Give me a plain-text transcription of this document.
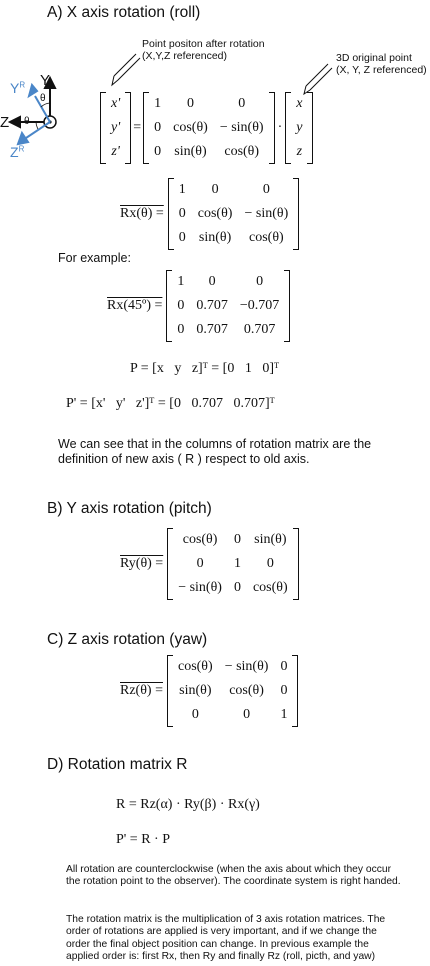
A) X axis rotation (roll)
Point positon after rotation
(X,Y,Z referenced)	3D original point
(X, Y, Z referenced)
Y
$Y^R$
θ
Z θ
$Z^R$
x'
y'
z'
=
1	0	0
0	cos(θ)	− sin(θ)
0	sin(θ)	cos(θ)
·
x
y
z
Rx(θ) =
1	0	0
0	cos(θ)	− sin(θ)
0	sin(θ)	cos(θ)
For example:
Rx(45º) =
1	0	0
0	0.707	−0.707
0	0.707	0.707
P = [x   y   z]ᵀ = [0   1   0]ᵀ
P' = [x'   y'   z']ᵀ = [0   0.707   0.707]ᵀ
We can see that in the columns of rotation matrix are the definition of new axis ( R ) respect to old axis.
B) Y axis rotation (pitch)
Ry(θ) =
cos(θ)	0	sin(θ)
0	1	0
− sin(θ)	0	cos(θ)
C) Z axis rotation (yaw)
Rz(θ) =
cos(θ)	− sin(θ)	0
sin(θ)	cos(θ)	0
0	0	1
D) Rotation matrix R
R = Rz(α) · Ry(β) · Rx(γ)
P' = R · P
All rotation are counterclockwise (when the axis about which they occur the rotation point to the observer). The coordinate system is right handed.
The rotation matrix is the multiplication of 3 axis rotation matrices. The order of rotations are applied is very important, and if we change the order the final object position can change. In previous example the applied order is: first Rx, then Ry and finally Rz (roll, picth, and yaw)
